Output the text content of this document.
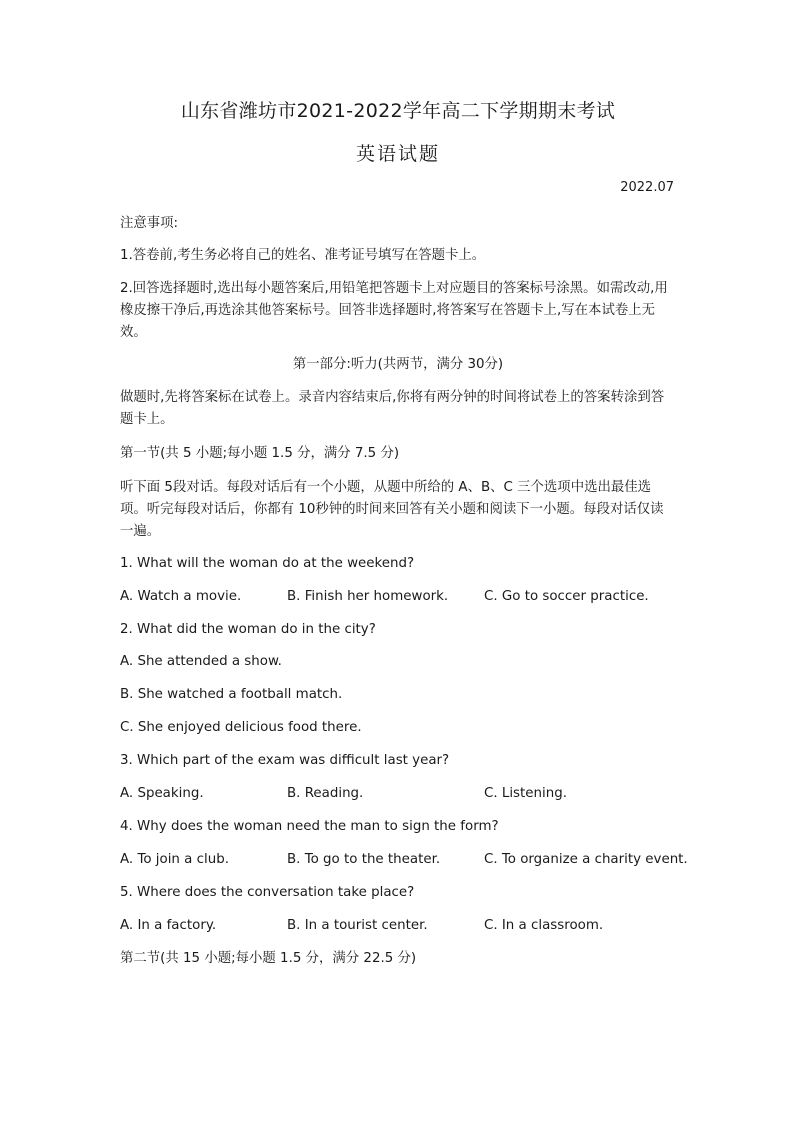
山东省潍坊市2021-2022学年高二下学期期末考试
英语试题
2022.07

注意事项:

1.答卷前,考生务必将自己的姓名、准考证号填写在答题卡上。

2.回答选择题时,选出每小题答案后,用铅笔把答题卡上对应题目的答案标号涂黑。如需改动,用橡皮擦干净后,再选涂其他答案标号。回答非选择题时,将答案写在答题卡上,写在本试卷上无效。

第一部分:听力(共两节，满分 30分)

做题时,先将答案标在试卷上。录音内容结束后,你将有两分钟的时间将试卷上的答案转涂到答题卡上。

第一节(共 5 小题;每小题 1.5 分，满分 7.5 分)

听下面 5段对话。每段对话后有一个小题，从题中所给的 A、B、C 三个选项中选出最佳选项。听完每段对话后，你都有 10秒钟的时间来回答有关小题和阅读下一小题。每段对话仅读一遍。

1. What will the woman do at the weekend?

A. Watch a movie.	B. Finish her homework.	C. Go to soccer practice.

2. What did the woman do in the city?

A. She attended a show.

B. She watched a football match.

C. She enjoyed delicious food there.

3. Which part of the exam was difficult last year?

A. Speaking.	B. Reading.	C. Listening.

4. Why does the woman need the man to sign the form?

A. To join a club.	B. To go to the theater.	C. To organize a charity event.

5. Where does the conversation take place?

A. In a factory.	B. In a tourist center.	C. In a classroom.

第二节(共 15 小题;每小题 1.5 分，满分 22.5 分)
